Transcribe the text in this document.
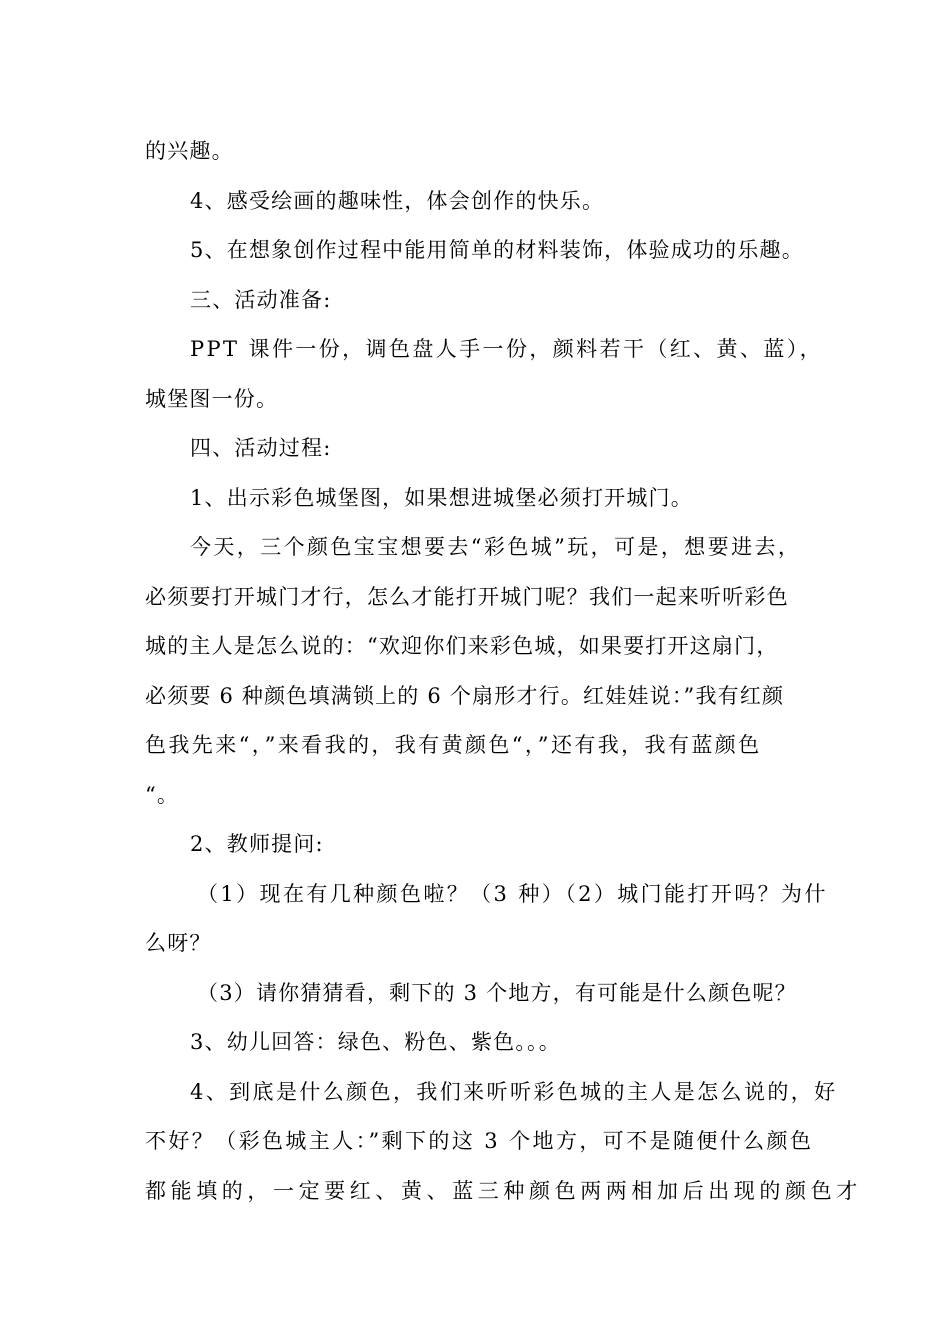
的兴趣。
4、感受绘画的趣味性，体会创作的快乐。
5、在想象创作过程中能用简单的材料装饰，体验成功的乐趣。
三、活动准备:
PPT 课件一份，调色盘人手一份，颜料若干（红、黄、蓝），
城堡图一份。
四、活动过程:
1、出示彩色城堡图，如果想进城堡必须打开城门。
今天，三个颜色宝宝想要去“彩色城”玩，可是，想要进去，
必须要打开城门才行，怎么才能打开城门呢？我们一起来听听彩色
城的主人是怎么说的：“欢迎你们来彩色城，如果要打开这扇门，
必须要 6 种颜色填满锁上的 6 个扇形才行。红娃娃说：”我有红颜
色我先来“，”来看我的，我有黄颜色“，”还有我，我有蓝颜色
“。
2、教师提问:
（1）现在有几种颜色啦？（3 种）（2）城门能打开吗？为什
么呀？
（3）请你猜猜看，剩下的 3 个地方，有可能是什么颜色呢？
3、幼儿回答：绿色、粉色、紫色。。。
4、到底是什么颜色，我们来听听彩色城的主人是怎么说的，好
不好？（彩色城主人：”剩下的这 3 个地方，可不是随便什么颜色
都能填的，一定要红、黄、蓝三种颜色两两相加后出现的颜色才
